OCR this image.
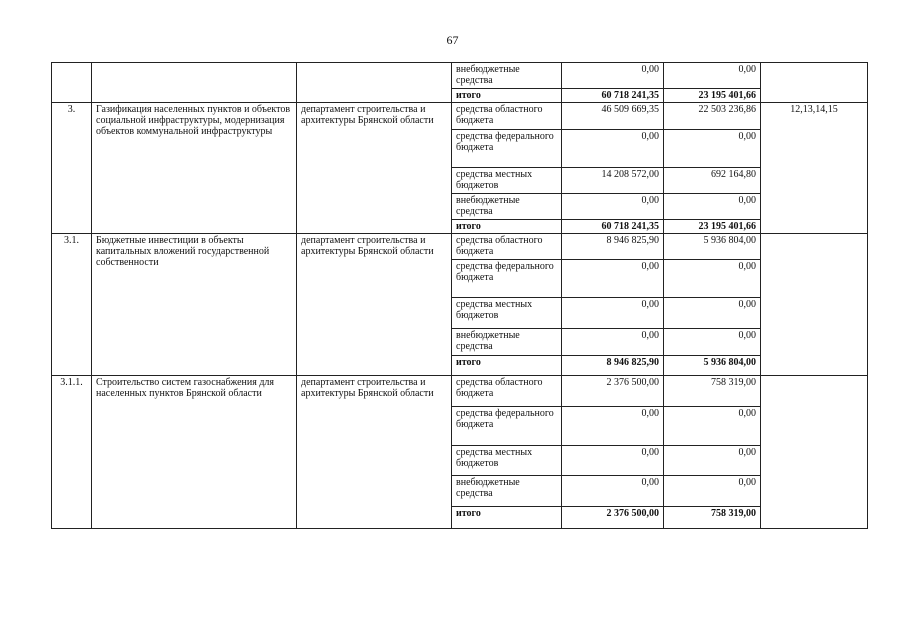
67
			внебюджетные средства	0,00	0,00	
			итого	60 718 241,35	23 195 401,66	
3.	Газификация населенных пунктов и объектов социальной инфраструктуры, модернизация объектов коммунальной инфраструктуры	департамент строительства и архитектуры Брянской области	средства областного бюджета	46 509 669,35	22 503 236,86	12,13,14,15
			средства федерального бюджета	0,00	0,00	
			средства местных бюджетов	14 208 572,00	692 164,80	
			внебюджетные средства	0,00	0,00	
			итого	60 718 241,35	23 195 401,66	
3.1.	Бюджетные инвестиции в объекты капитальных вложений государственной собственности	департамент строительства и архитектуры Брянской области	средства областного бюджета	8 946 825,90	5 936 804,00	
			средства федерального бюджета	0,00	0,00	
			средства местных бюджетов	0,00	0,00	
			внебюджетные средства	0,00	0,00	
			итого	8 946 825,90	5 936 804,00	
3.1.1.	Строительство систем газоснабжения для населенных пунктов Брянской области	департамент строительства и архитектуры Брянской области	средства областного бюджета	2 376 500,00	758 319,00	
			средства федерального бюджета	0,00	0,00	
			средства местных бюджетов	0,00	0,00	
			внебюджетные средства	0,00	0,00	
			итого	2 376 500,00	758 319,00	
